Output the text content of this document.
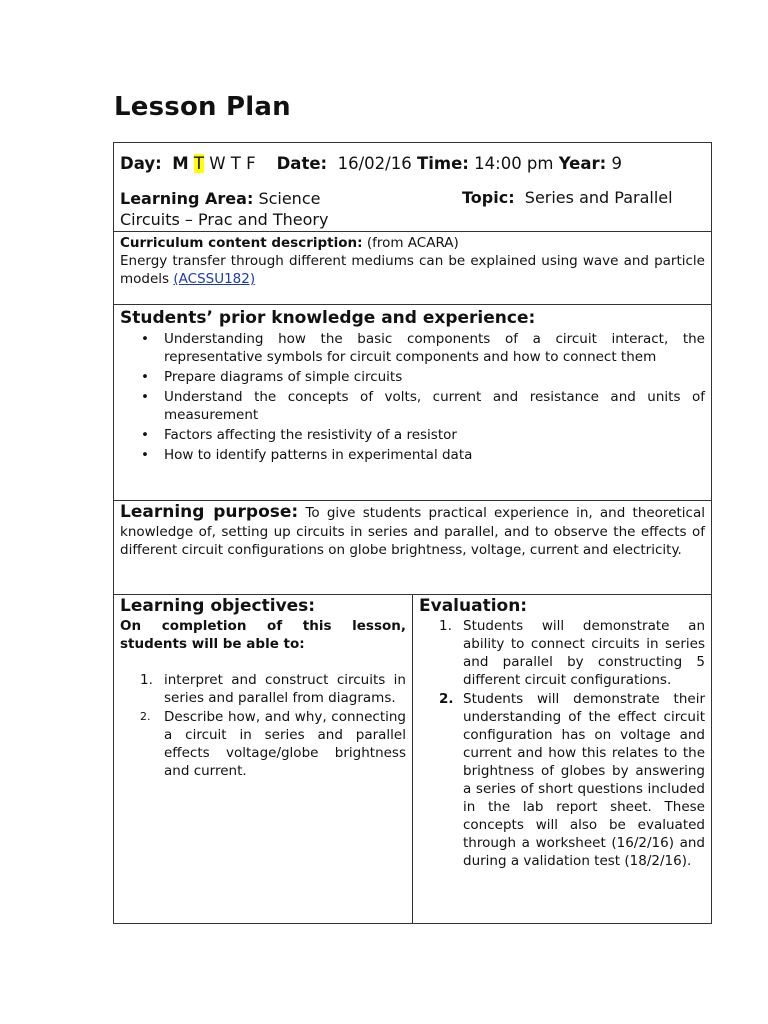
Lesson Plan
Day: M T W T F Date: 16/02/16 Time: 14:00 pm Year: 9
Learning Area: Science	Topic: Series and Parallel
Circuits – Prac and Theory
Curriculum content description: (from ACARA)

Energy transfer through different mediums can be explained using wave and particle models (ACSSU182)

Students’ prior knowledge and experience:
• Understanding how the basic components of a circuit interact, the representative symbols for circuit components and how to connect them
• Prepare diagrams of simple circuits
• Understand the concepts of volts, current and resistance and units of measurement
• Factors affecting the resistivity of a resistor
• How to identify patterns in experimental data
Learning purpose: To give students practical experience in, and theoretical knowledge of, setting up circuits in series and parallel, and to observe the effects of different circuit configurations on globe brightness, voltage, current and electricity.
Learning objectives:
On completion of this lesson, students will be able to:
1. interpret and construct circuits in series and parallel from diagrams.
2. Describe how, and why, connecting a circuit in series and parallel effects voltage/globe brightness and current.
Evaluation:
1. Students will demonstrate an ability to connect circuits in series and parallel by constructing 5 different circuit configurations.
2. Students will demonstrate their understanding of the effect circuit configuration has on voltage and current and how this relates to the brightness of globes by answering a series of short questions included in the lab report sheet. These concepts will also be evaluated through a worksheet (16/2/16) and during a validation test (18/2/16).
